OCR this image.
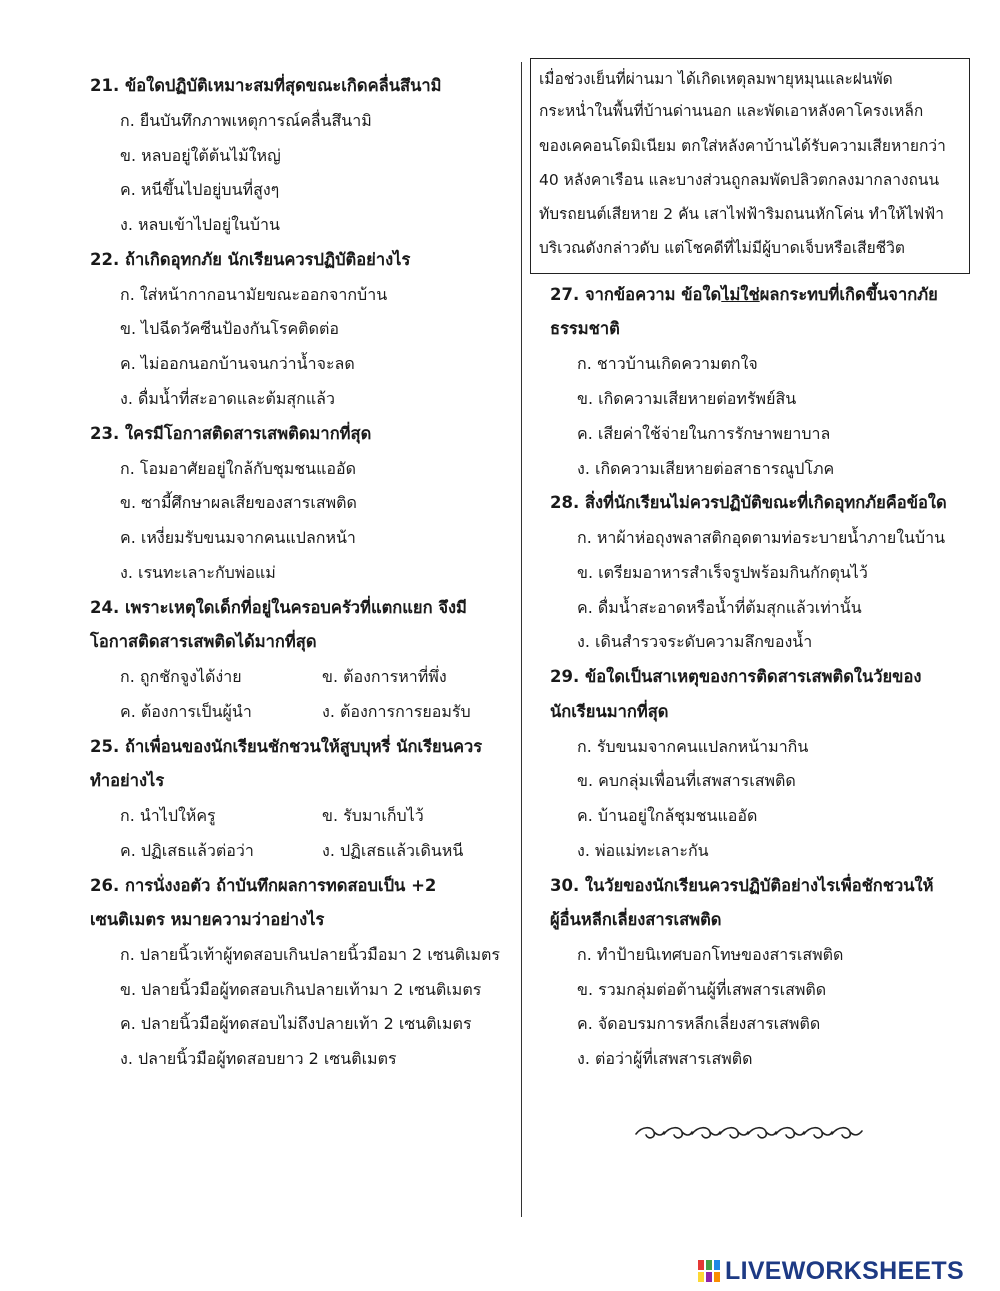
21. ข้อใดปฏิบัติเหมาะสมที่สุดขณะเกิดคลื่นสึนามิ
ก. ยืนบันทึกภาพเหตุการณ์คลื่นสึนามิ
ข. หลบอยู่ใต้ต้นไม้ใหญ่
ค. หนีขึ้นไปอยู่บนที่สูงๆ
ง. หลบเข้าไปอยู่ในบ้าน
22. ถ้าเกิดอุทกภัย นักเรียนควรปฏิบัติอย่างไร
ก. ใส่หน้ากากอนามัยขณะออกจากบ้าน
ข. ไปฉีดวัคซีนป้องกันโรคติดต่อ
ค. ไม่ออกนอกบ้านจนกว่าน้ำจะลด
ง. ดื่มน้ำที่สะอาดและต้มสุกแล้ว
23. ใครมีโอกาสติดสารเสพติดมากที่สุด
ก. โอมอาศัยอยู่ใกล้กับชุมชนแออัด
ข. ซามี้ศึกษาผลเสียของสารเสพติด
ค. เหงี่ยมรับขนมจากคนแปลกหน้า
ง. เรนทะเลาะกับพ่อแม่
24. เพราะเหตุใดเด็กที่อยู่ในครอบครัวที่แตกแยก จึงมี
โอกาสติดสารเสพติดได้มากที่สุด
ก. ถูกชักจูงได้ง่าย	ข. ต้องการหาที่พึ่ง
ค. ต้องการเป็นผู้นำ	ง. ต้องการการยอมรับ
25. ถ้าเพื่อนของนักเรียนชักชวนให้สูบบุหรี่ นักเรียนควร
ทำอย่างไร
ก. นำไปให้ครู	ข. รับมาเก็บไว้
ค. ปฏิเสธแล้วต่อว่า	ง. ปฏิเสธแล้วเดินหนี
26. การนั่งงอตัว ถ้าบันทึกผลการทดสอบเป็น +2
เซนติเมตร หมายความว่าอย่างไร
ก. ปลายนิ้วเท้าผู้ทดสอบเกินปลายนิ้วมือมา 2 เซนติเมตร
ข. ปลายนิ้วมือผู้ทดสอบเกินปลายเท้ามา 2 เซนติเมตร
ค. ปลายนิ้วมือผู้ทดสอบไม่ถึงปลายเท้า 2 เซนติเมตร
ง. ปลายนิ้วมือผู้ทดสอบยาว 2 เซนติเมตร
เมื่อช่วงเย็นที่ผ่านมา ได้เกิดเหตุลมพายุหมุนและฝนพัด
กระหน่ำในพื้นที่บ้านด่านนอก และพัดเอาหลังคาโครงเหล็ก
ของเคคอนโดมิเนียม ตกใส่หลังคาบ้านได้รับความเสียหายกว่า
40 หลังคาเรือน และบางส่วนถูกลมพัดปลิวตกลงมากลางถนน
ทับรถยนต์เสียหาย 2 คัน เสาไฟฟ้าริมถนนหักโค่น ทำให้ไฟฟ้า
บริเวณดังกล่าวดับ แต่โชคดีที่ไม่มีผู้บาดเจ็บหรือเสียชีวิต
27. จากข้อความ ข้อใดไม่ใช่ผลกระทบที่เกิดขึ้นจากภัย
ธรรมชาติ
ก. ชาวบ้านเกิดความตกใจ
ข. เกิดความเสียหายต่อทรัพย์สิน
ค. เสียค่าใช้จ่ายในการรักษาพยาบาล
ง. เกิดความเสียหายต่อสาธารณูปโภค
28. สิ่งที่นักเรียนไม่ควรปฏิบัติขณะที่เกิดอุทกภัยคือข้อใด
ก. หาผ้าห่อถุงพลาสติกอุดตามท่อระบายน้ำภายในบ้าน
ข. เตรียมอาหารสำเร็จรูปพร้อมกินกักตุนไว้
ค. ดื่มน้ำสะอาดหรือน้ำที่ต้มสุกแล้วเท่านั้น
ง. เดินสำรวจระดับความลึกของน้ำ
29. ข้อใดเป็นสาเหตุของการติดสารเสพติดในวัยของ
นักเรียนมากที่สุด
ก. รับขนมจากคนแปลกหน้ามากิน
ข. คบกลุ่มเพื่อนที่เสพสารเสพติด
ค. บ้านอยู่ใกล้ชุมชนแออัด
ง. พ่อแม่ทะเลาะกัน
30. ในวัยของนักเรียนควรปฏิบัติอย่างไรเพื่อชักชวนให้
ผู้อื่นหลีกเลี่ยงสารเสพติด
ก. ทำป้ายนิเทศบอกโทษของสารเสพติด
ข. รวมกลุ่มต่อต้านผู้ที่เสพสารเสพติด
ค. จัดอบรมการหลีกเลี่ยงสารเสพติด
ง. ต่อว่าผู้ที่เสพสารเสพติด
LIVEWORKSHEETS
